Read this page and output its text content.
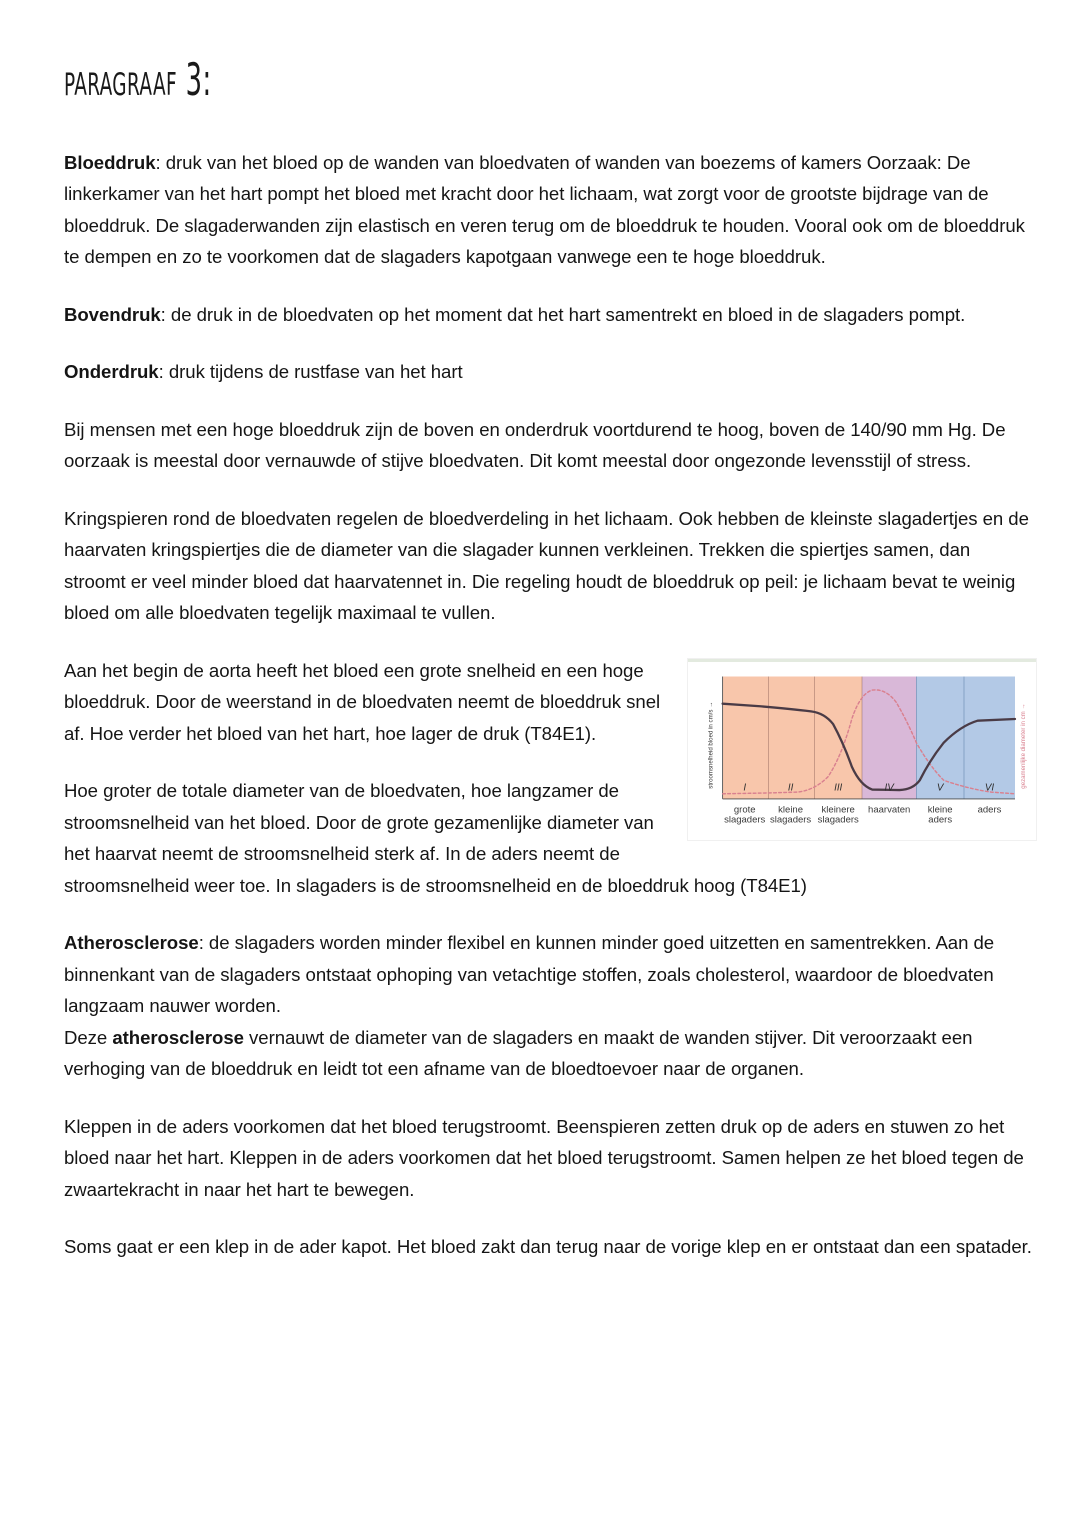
paragraaf 3:

Bloeddruk: druk van het bloed op de wanden van bloedvaten of wanden van boezems of kamers Oorzaak: De linkerkamer van het hart pompt het bloed met kracht door het lichaam, wat zorgt voor de grootste bijdrage van de bloeddruk. De slagaderwanden zijn elastisch en veren terug om de bloeddruk te houden. Vooral ook om de bloeddruk te dempen en zo te voorkomen dat de slagaders kapotgaan vanwege een te hoge bloeddruk.

Bovendruk: de druk in de bloedvaten op het moment dat het hart samentrekt en bloed in de slagaders pompt.

Onderdruk: druk tijdens de rustfase van het hart

Bij mensen met een hoge bloeddruk zijn de boven en onderdruk voortdurend te hoog, boven de 140/90 mm Hg. De oorzaak is meestal door vernauwde of stijve bloedvaten. Dit komt meestal door ongezonde levensstijl of stress.

Kringspieren rond de bloedvaten regelen de bloedverdeling in het lichaam. Ook hebben de kleinste slagadertjes en de haarvaten kringspiertjes die de diameter van die slagader kunnen verkleinen. Trekken die spiertjes samen, dan stroomt er veel minder bloed dat haarvatennet in. Die regeling houdt de bloeddruk op peil: je lichaam bevat te weinig bloed om alle bloedvaten tegelijk maximaal te vullen.

stroomsnelheid bloed in cm/s →	gezamenlijke diameter in cm →
I	II	III	IV	V	VI
grote
slagaders
kleine
slagaders
kleinere
slagaders
haarvaten	kleine
aders
aders

Aan het begin de aorta heeft het bloed een grote snelheid en een hoge bloeddruk. Door de weerstand in de bloedvaten neemt de bloeddruk snel af. Hoe verder het bloed van het hart, hoe lager de druk (T84E1).

Hoe groter de totale diameter van de bloedvaten, hoe langzamer de stroomsnelheid van het bloed. Door de grote gezamenlijke diameter van het haarvat neemt de stroomsnelheid sterk af. In de aders neemt de stroomsnelheid weer toe. In slagaders is de stroomsnelheid en de bloeddruk hoog (T84E1)

Atherosclerose: de slagaders worden minder flexibel en kunnen minder goed uitzetten en samentrekken. Aan de binnenkant van de slagaders ontstaat ophoping van vetachtige stoffen, zoals cholesterol, waardoor de bloedvaten langzaam nauwer worden.

Deze atherosclerose vernauwt de diameter van de slagaders en maakt de wanden stijver. Dit veroorzaakt een verhoging van de bloeddruk en leidt tot een afname van de bloedtoevoer naar de organen.

Kleppen in de aders voorkomen dat het bloed terugstroomt. Beenspieren zetten druk op de aders en stuwen zo het bloed naar het hart. Kleppen in de aders voorkomen dat het bloed terugstroomt. Samen helpen ze het bloed tegen de zwaartekracht in naar het hart te bewegen.

Soms gaat er een klep in de ader kapot. Het bloed zakt dan terug naar de vorige klep en er ontstaat dan een spatader.
